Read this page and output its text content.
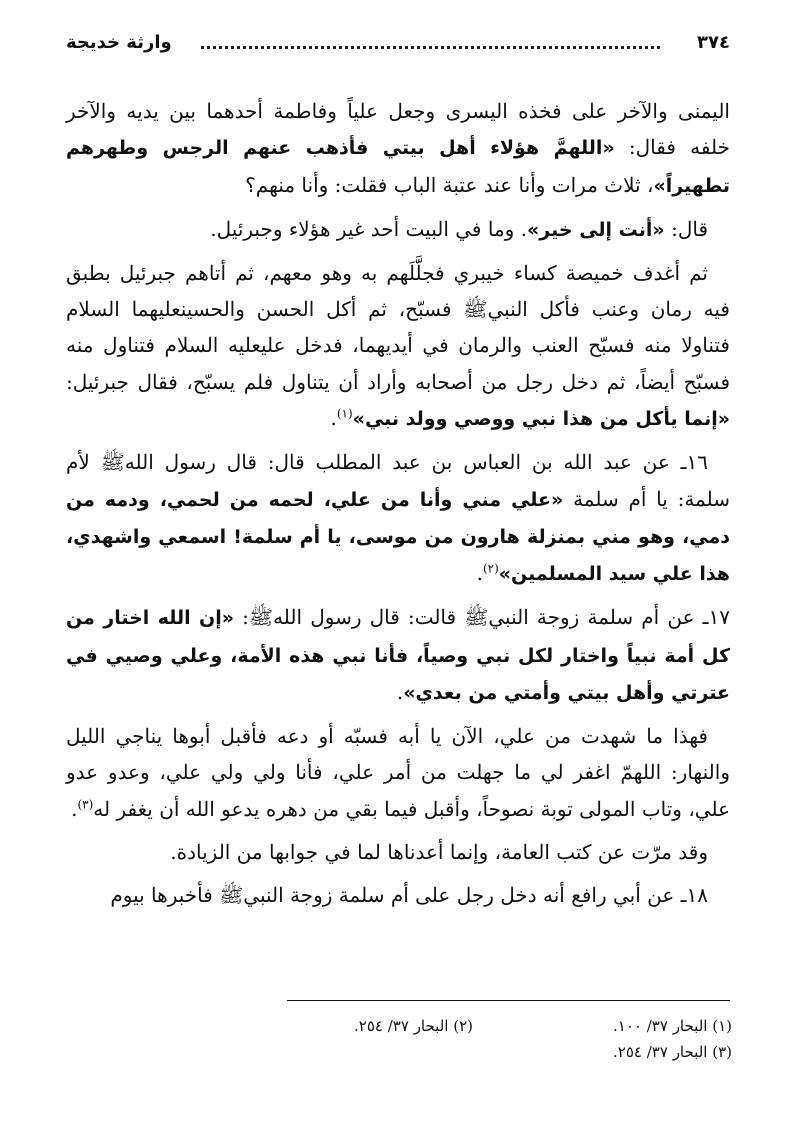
٣٧٤
وارثة خديجة

اليمنى والآخر على فخذه اليسرى وجعل علياً وفاطمة أحدهما بين يديه والآخر خلفه فقال: «اللهمَّ هؤلاء أهل بيتي فأذهب عنهم الرجس وطهرهم تطهيراً»، ثلاث مرات وأنا عند عتبة الباب فقلت: وأنا منهم؟

قال: «أنت إلى خير». وما في البيت أحد غير هؤلاء وجبرئيل.

ثم أغدف خميصة كساء خيبري فجلَّلَهم به وهو معهم، ثم أتاهم جبرئيل بطبق فيه رمان وعنب فأكل النبيﷺ فسبّح، ثم أكل الحسن والحسينعليهما السلام فتناولا منه فسبّح العنب والرمان في أيديهما، فدخل عليعليه السلام فتناول منه فسبّح أيضاً، ثم دخل رجل من أصحابه وأراد أن يتناول فلم يسبّح، فقال جبرئيل: «إنما يأكل من هذا نبي ووصي وولد نبي»$^{(١)}$.

١٦ـ عن عبد الله بن العباس بن عبد المطلب قال: قال رسول اللهﷺ لأم سلمة: يا أم سلمة «علي مني وأنا من علي، لحمه من لحمي، ودمه من دمي، وهو مني بمنزلة هارون من موسى، يا أم سلمة! اسمعي واشهدي، هذا علي سيد المسلمين»$^{(٢)}$.

١٧ـ عن أم سلمة زوجة النبيﷺ قالت: قال رسول اللهﷺ: «إن الله اختار من كل أمة نبياً واختار لكل نبي وصياً، فأنا نبي هذه الأمة، وعلي وصيي في عترتي وأهل بيتي وأمتي من بعدي».

فهذا ما شهدت من علي، الآن يا أبه فسبّه أو دعه فأقبل أبوها يناجي الليل والنهار: اللهمّ اغفر لي ما جهلت من أمر علي، فأنا ولي ولي علي، وعدو عدو علي، وتاب المولى توبة نصوحاً، وأقبل فيما بقي من دهره يدعو الله أن يغفر له$^{(٣)}$.

وقد مرّت عن كتب العامة، وإنما أعدناها لما في جوابها من الزيادة.

١٨ـ عن أبي رافع أنه دخل رجل على أم سلمة زوجة النبيﷺ فأخبرها بيوم

(١) البحار ٣٧/ ١٠٠.
(٢) البحار ٣٧/ ٢٥٤.
(٣) البحار ٣٧/ ٢٥٤.
